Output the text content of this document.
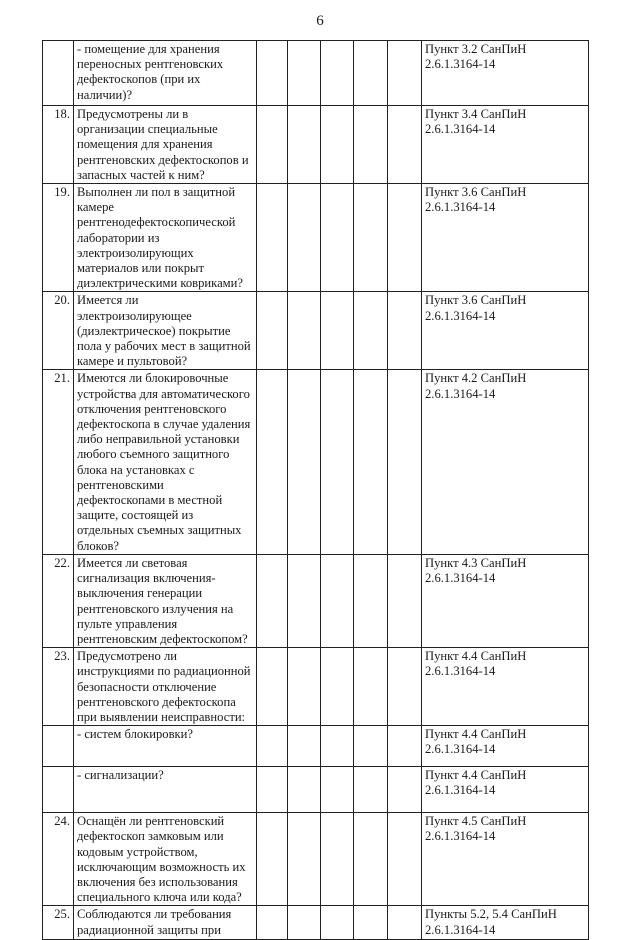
6
	- помещение для хранения переносных рентгеновских дефектоскопов (при их наличии)?						Пункт 3.2 СанПиН 2.6.1.3164-14
18.	Предусмотрены ли в организации специальные помещения для хранения рентгеновских дефектоскопов и запасных частей к ним?						Пункт 3.4 СанПиН 2.6.1.3164-14
19.	Выполнен ли пол в защитной камере рентгенодефектоскопической лаборатории из электроизолирующих материалов или покрыт диэлектрическими ковриками?						Пункт 3.6 СанПиН 2.6.1.3164-14
20.	Имеется ли электроизолирующее (диэлектрическое) покрытие пола у рабочих мест в защитной камере и пультовой?						Пункт 3.6 СанПиН 2.6.1.3164-14
21.	Имеются ли блокировочные устройства для автоматического отключения рентгеновского дефектоскопа в случае удаления либо неправильной установки любого съемного защитного блока на установках с рентгеновскими дефектоскопами в местной защите, состоящей из отдельных съемных защитных блоков?						Пункт 4.2 СанПиН 2.6.1.3164-14
22.	Имеется ли световая сигнализация включения-выключения генерации рентгеновского излучения на пульте управления рентгеновским дефектоскопом?						Пункт 4.3 СанПиН 2.6.1.3164-14
23.	Предусмотрено ли инструкциями по радиационной безопасности отключение рентгеновского дефектоскопа при выявлении неисправности:						Пункт 4.4 СанПиН 2.6.1.3164-14
	- систем блокировки?						Пункт 4.4 СанПиН 2.6.1.3164-14
	- сигнализации?						Пункт 4.4 СанПиН 2.6.1.3164-14
24.	Оснащён ли рентгеновский дефектоскоп замковым или кодовым устройством, исключающим возможность их включения без использования специального ключа или кода?						Пункт 4.5 СанПиН 2.6.1.3164-14
25.	Соблюдаются ли требования радиационной защиты при						Пункты 5.2, 5.4 СанПиН 2.6.1.3164-14
